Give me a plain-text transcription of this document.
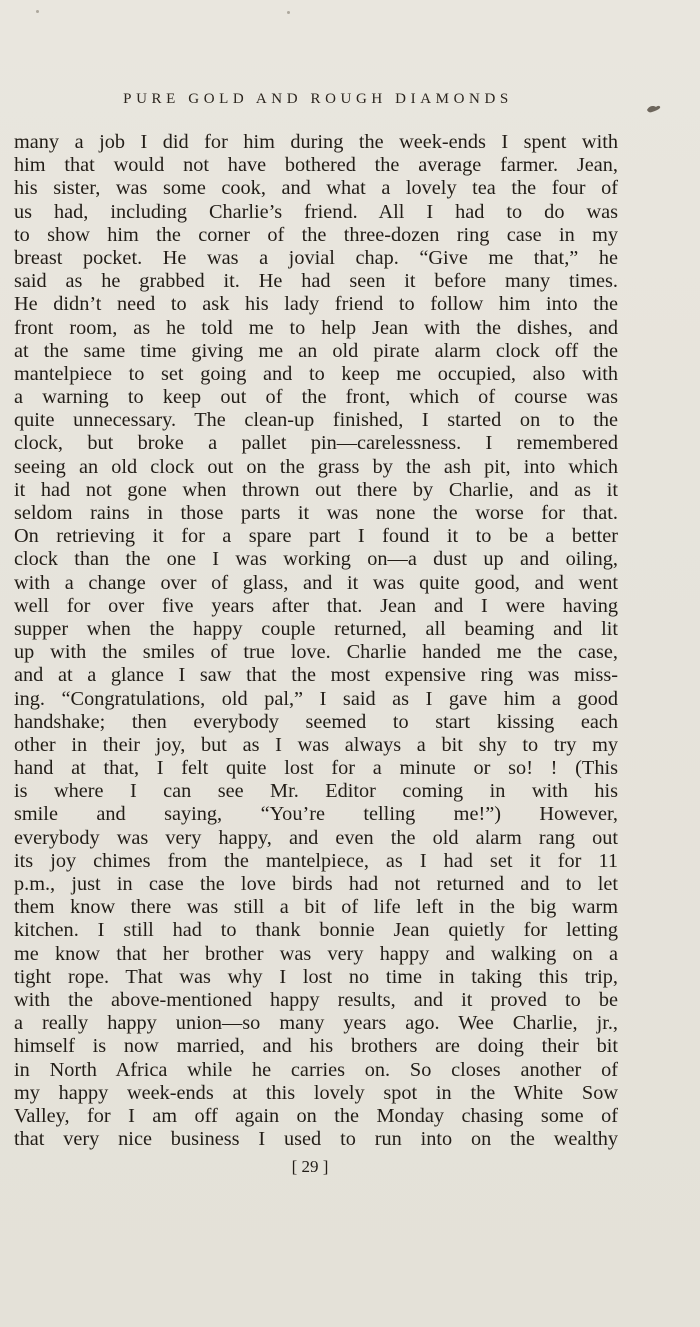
PURE GOLD AND ROUGH DIAMONDS
many a job I did for him during the week-ends I spent with
him that would not have bothered the average farmer. Jean,
his sister, was some cook, and what a lovely tea the four of
us had, including Charlie’s friend. All I had to do was
to show him the corner of the three-dozen ring case in my
breast pocket. He was a jovial chap. “Give me that,” he
said as he grabbed it. He had seen it before many times.
He didn’t need to ask his lady friend to follow him into the
front room, as he told me to help Jean with the dishes, and
at the same time giving me an old pirate alarm clock off the
mantelpiece to set going and to keep me occupied, also with
a warning to keep out of the front, which of course was
quite unnecessary. The clean-up finished, I started on to the
clock, but broke a pallet pin—carelessness. I remembered
seeing an old clock out on the grass by the ash pit, into which
it had not gone when thrown out there by Charlie, and as it
seldom rains in those parts it was none the worse for that.
On retrieving it for a spare part I found it to be a better
clock than the one I was working on—a dust up and oiling,
with a change over of glass, and it was quite good, and went
well for over five years after that. Jean and I were having
supper when the happy couple returned, all beaming and lit
up with the smiles of true love. Charlie handed me the case,
and at a glance I saw that the most expensive ring was miss-
ing. “Congratulations, old pal,” I said as I gave him a good
handshake; then everybody seemed to start kissing each
other in their joy, but as I was always a bit shy to try my
hand at that, I felt quite lost for a minute or so! ! (This
is where I can see Mr. Editor coming in with his
smile and saying, “You’re telling me!”) However,
everybody was very happy, and even the old alarm rang out
its joy chimes from the mantelpiece, as I had set it for 11
p.m., just in case the love birds had not returned and to let
them know there was still a bit of life left in the big warm
kitchen. I still had to thank bonnie Jean quietly for letting
me know that her brother was very happy and walking on a
tight rope. That was why I lost no time in taking this trip,
with the above-mentioned happy results, and it proved to be
a really happy union—so many years ago. Wee Charlie, jr.,
himself is now married, and his brothers are doing their bit
in North Africa while he carries on. So closes another of
my happy week-ends at this lovely spot in the White Sow
Valley, for I am off again on the Monday chasing some of
that very nice business I used to run into on the wealthy
[ 29 ]
